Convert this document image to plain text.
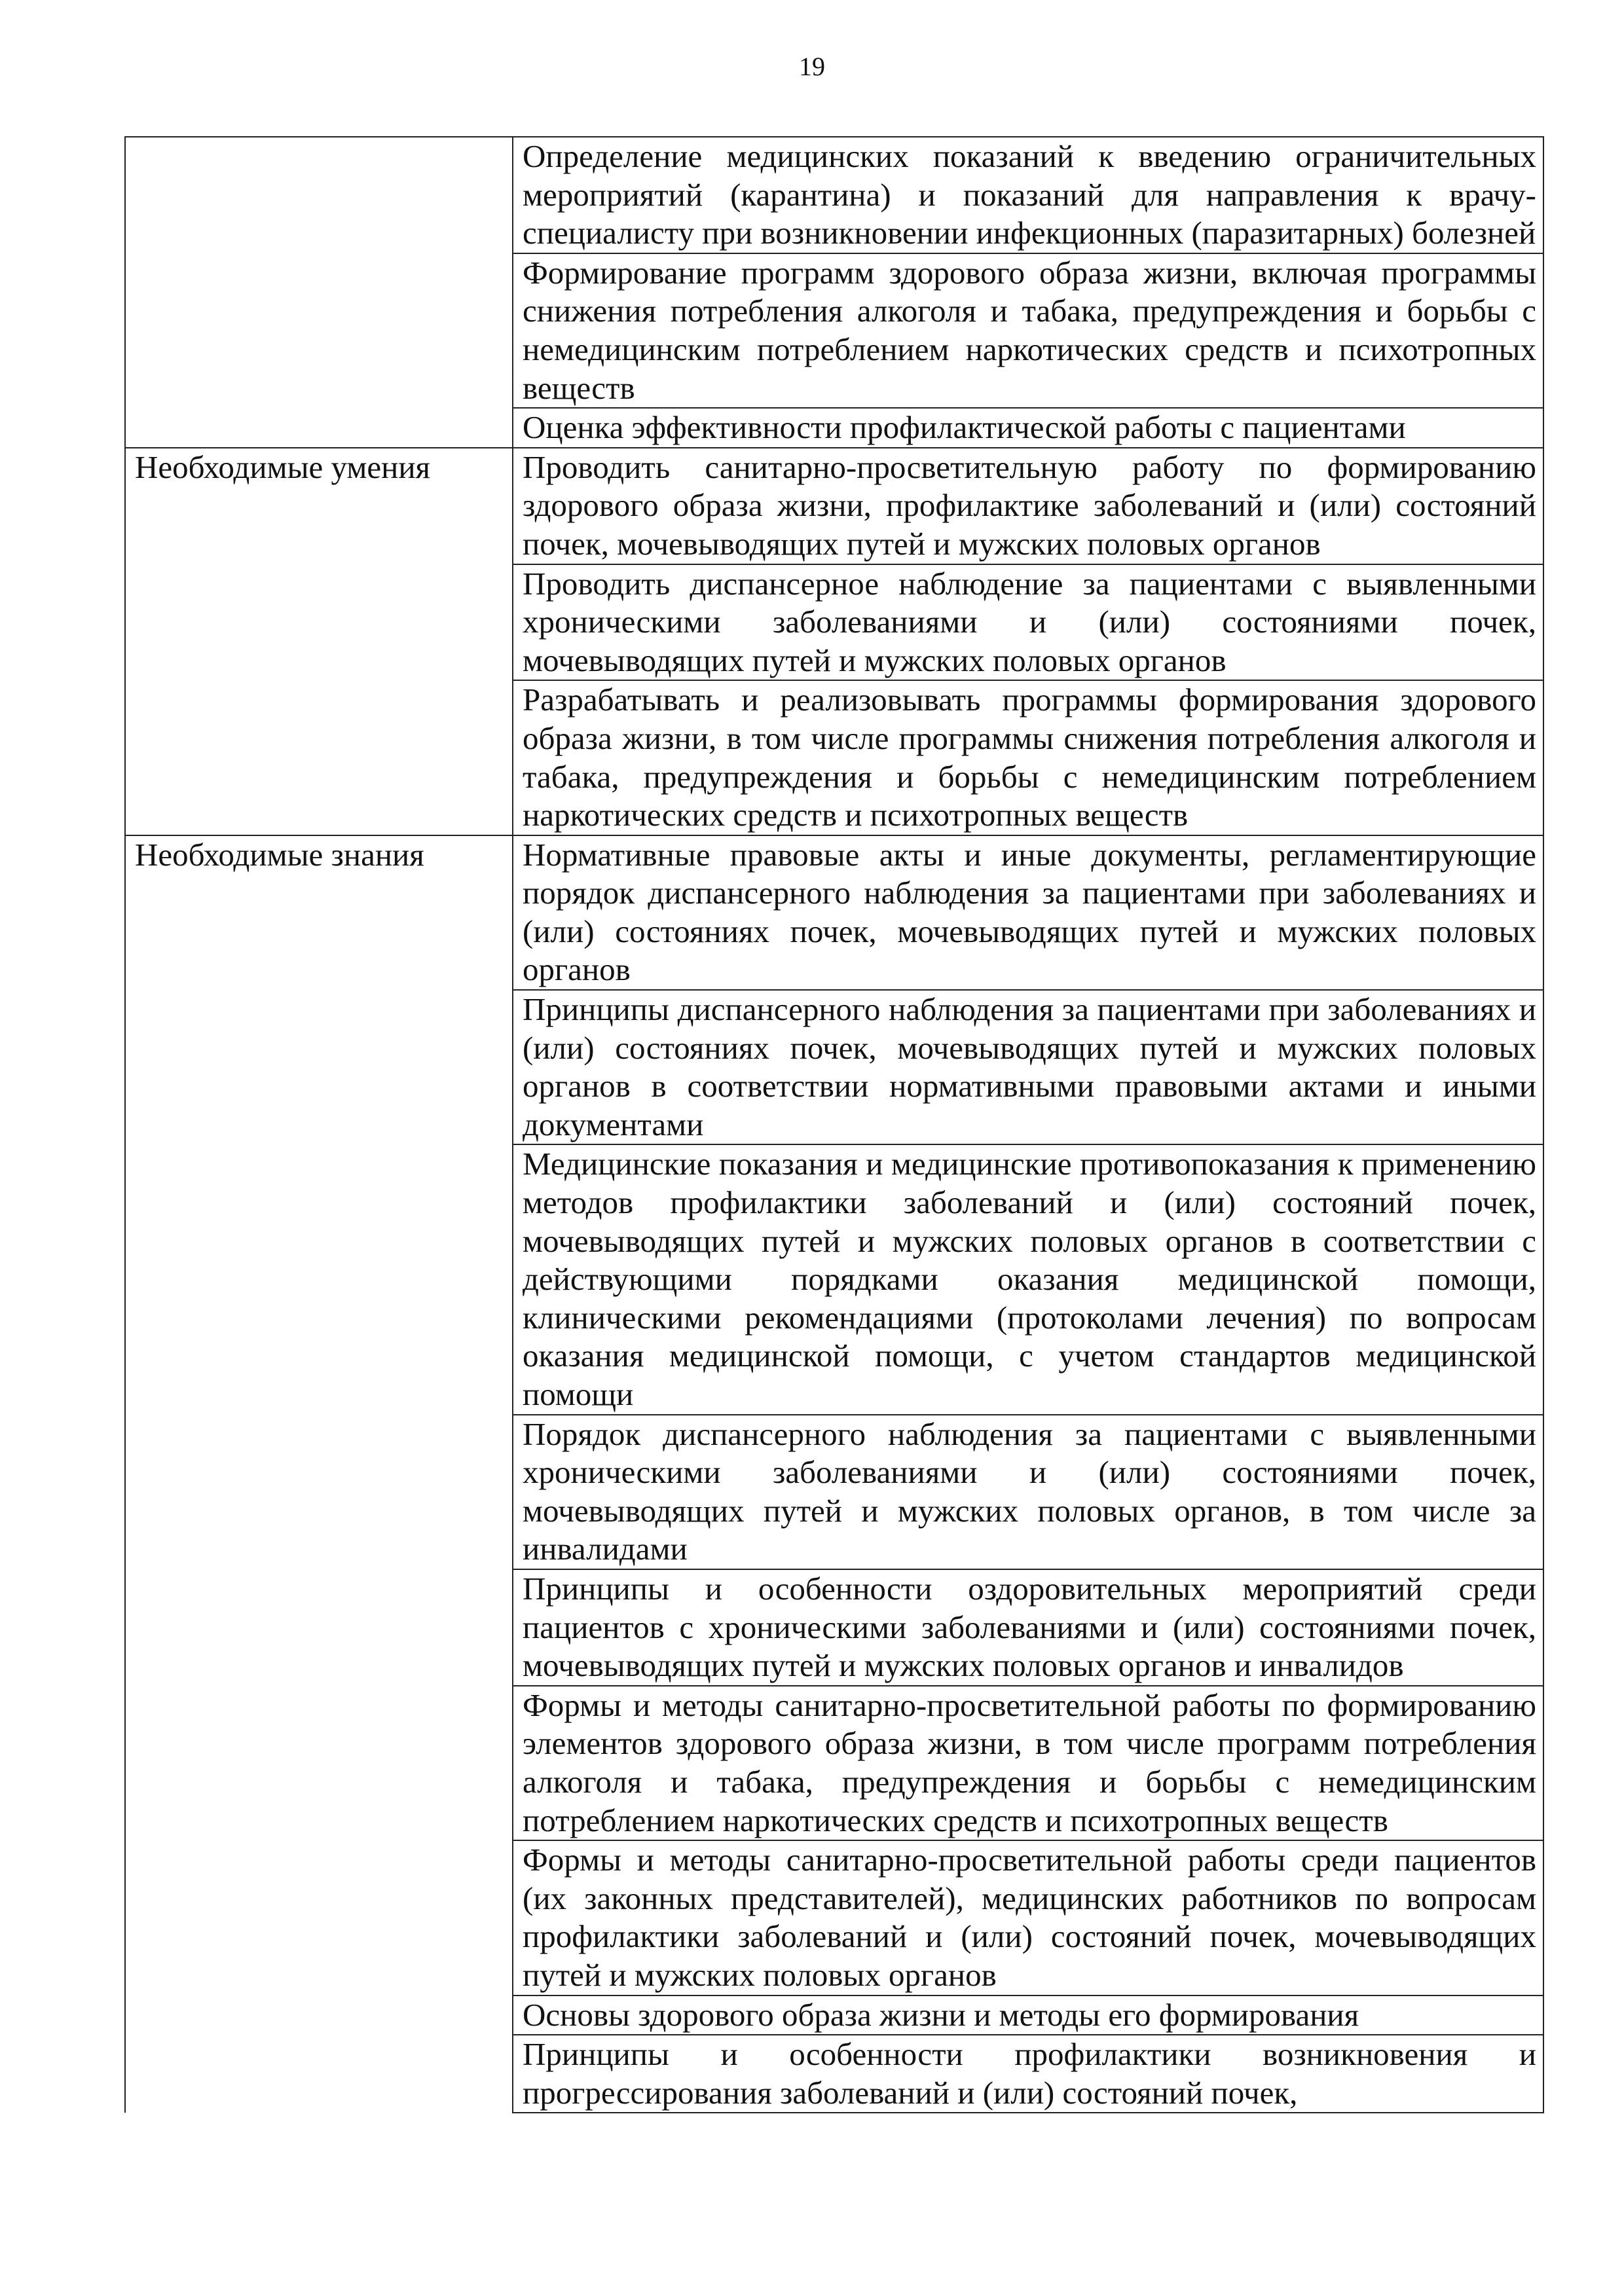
19
	Определение медицинских показаний к введению ограничительных мероприятий (карантина) и показаний для направления к врачу-специалисту при возникновении инфекционных (паразитарных) болезней
	Формирование программ здорового образа жизни, включая программы снижения потребления алкоголя и табака, предупреждения и борьбы с немедицинским потреблением наркотических средств и психотропных веществ
	Оценка эффективности профилактической работы с пациентами
Необходимые умения	Проводить санитарно-просветительную работу по формированию здорового образа жизни, профилактике заболеваний и (или) состояний почек, мочевыводящих путей и мужских половых органов
	Проводить диспансерное наблюдение за пациентами с выявленными хроническими заболеваниями и (или) состояниями почек, мочевыводящих путей и мужских половых органов
	Разрабатывать и реализовывать программы формирования здорового образа жизни, в том числе программы снижения потребления алкоголя и табака, предупреждения и борьбы с немедицинским потреблением наркотических средств и психотропных веществ
Необходимые знания	Нормативные правовые акты и иные документы, регламентирующие порядок диспансерного наблюдения за пациентами при заболеваниях и (или) состояниях почек, мочевыводящих путей и мужских половых органов
	Принципы диспансерного наблюдения за пациентами при заболеваниях и (или) состояниях почек, мочевыводящих путей и мужских половых органов в соответствии нормативными правовыми актами и иными документами
	Медицинские показания и медицинские противопоказания к применению методов профилактики заболеваний и (или) состояний почек, мочевыводящих путей и мужских половых органов в соответствии с действующими порядками оказания медицинской помощи, клиническими рекомендациями (протоколами лечения) по вопросам оказания медицинской помощи, с учетом стандартов медицинской помощи
	Порядок диспансерного наблюдения за пациентами с выявленными хроническими заболеваниями и (или) состояниями почек, мочевыводящих путей и мужских половых органов, в том числе за инвалидами
	Принципы и особенности оздоровительных мероприятий среди пациентов с хроническими заболеваниями и (или) состояниями почек, мочевыводящих путей и мужских половых органов и инвалидов
	Формы и методы санитарно-просветительной работы по формированию элементов здорового образа жизни, в том числе программ потребления алкоголя и табака, предупреждения и борьбы с немедицинским потреблением наркотических средств и психотропных веществ
	Формы и методы санитарно-просветительной работы среди пациентов (их законных представителей), медицинских работников по вопросам профилактики заболеваний и (или) состояний почек, мочевыводящих путей и мужских половых органов
	Основы здорового образа жизни и методы его формирования
	Принципы и особенности профилактики возникновения и прогрессирования заболеваний и (или) состояний почек,
